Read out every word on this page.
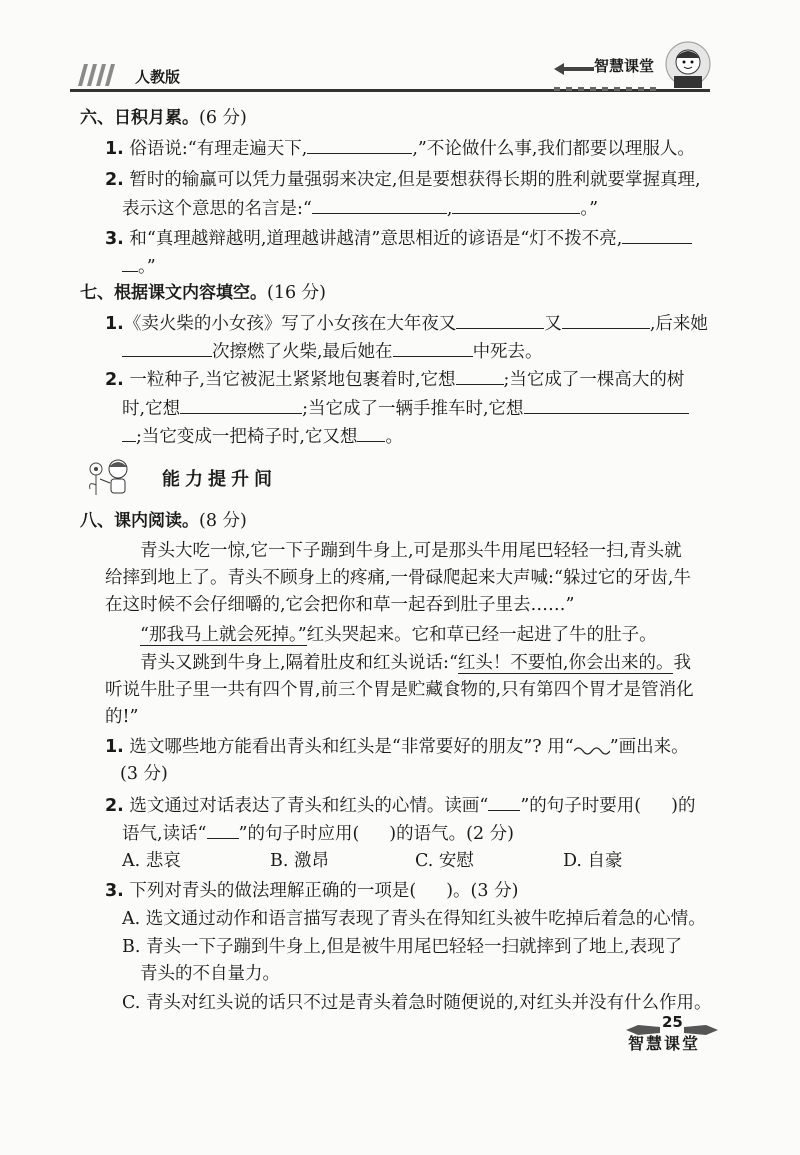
人教版
智慧课堂
六、日积月累。(6 分)
1. 俗语说:“有理走遍天下,	,”不论做什么事,我们都要以理服人。
2. 暂时的输赢可以凭力量强弱来决定,但是要想获得长期的胜利就要掌握真理,
表示这个意思的名言是:“	,	。”
3. 和“真理越辩越明,道理越讲越清”意思相近的谚语是“灯不拨不亮,
。”
七、根据课文内容填空。(16 分)
1.《卖火柴的小女孩》写了小女孩在大年夜又	又	,后来她
次擦燃了火柴,最后她在	中死去。
2. 一粒种子,当它被泥土紧紧地包裹着时,它想	;当它成了一棵高大的树
时,它想	;当它成了一辆手推车时,它想
;当它变成一把椅子时,它又想 。
能力提升间
八、课内阅读。(8 分)
青头大吃一惊,它一下子蹦到牛身上,可是那头牛用尾巴轻轻一扫,青头就
给摔到地上了。青头不顾身上的疼痛,一骨碌爬起来大声喊:“躲过它的牙齿,牛
在这时候不会仔细嚼的,它会把你和草一起吞到肚子里去……”
“那我马上就会死掉。”红头哭起来。它和草已经一起进了牛的肚子。
青头又跳到牛身上,隔着肚皮和红头说话:“红头！不要怕,你会出来的。我
听说牛肚子里一共有四个胃,前三个胃是贮藏食物的,只有第四个胃才是管消化
的!”
1. 选文哪些地方能看出青头和红头是“非常要好的朋友”? 用“ ”画出来。
(3 分)
2. 选文通过对话表达了青头和红头的心情。读画“ ”的句子时要用( )的
语气,读话“ ”的句子时应用( )的语气。(2 分)
A. 悲哀	B. 激昂	C. 安慰	D. 自豪
3. 下列对青头的做法理解正确的一项是( )。(3 分)
A. 选文通过动作和语言描写表现了青头在得知红头被牛吃掉后着急的心情。
B. 青头一下子蹦到牛身上,但是被牛用尾巴轻轻一扫就摔到了地上,表现了
青头的不自量力。
C. 青头对红头说的话只不过是青头着急时随便说的,对红头并没有什么作用。
25
智慧课堂
